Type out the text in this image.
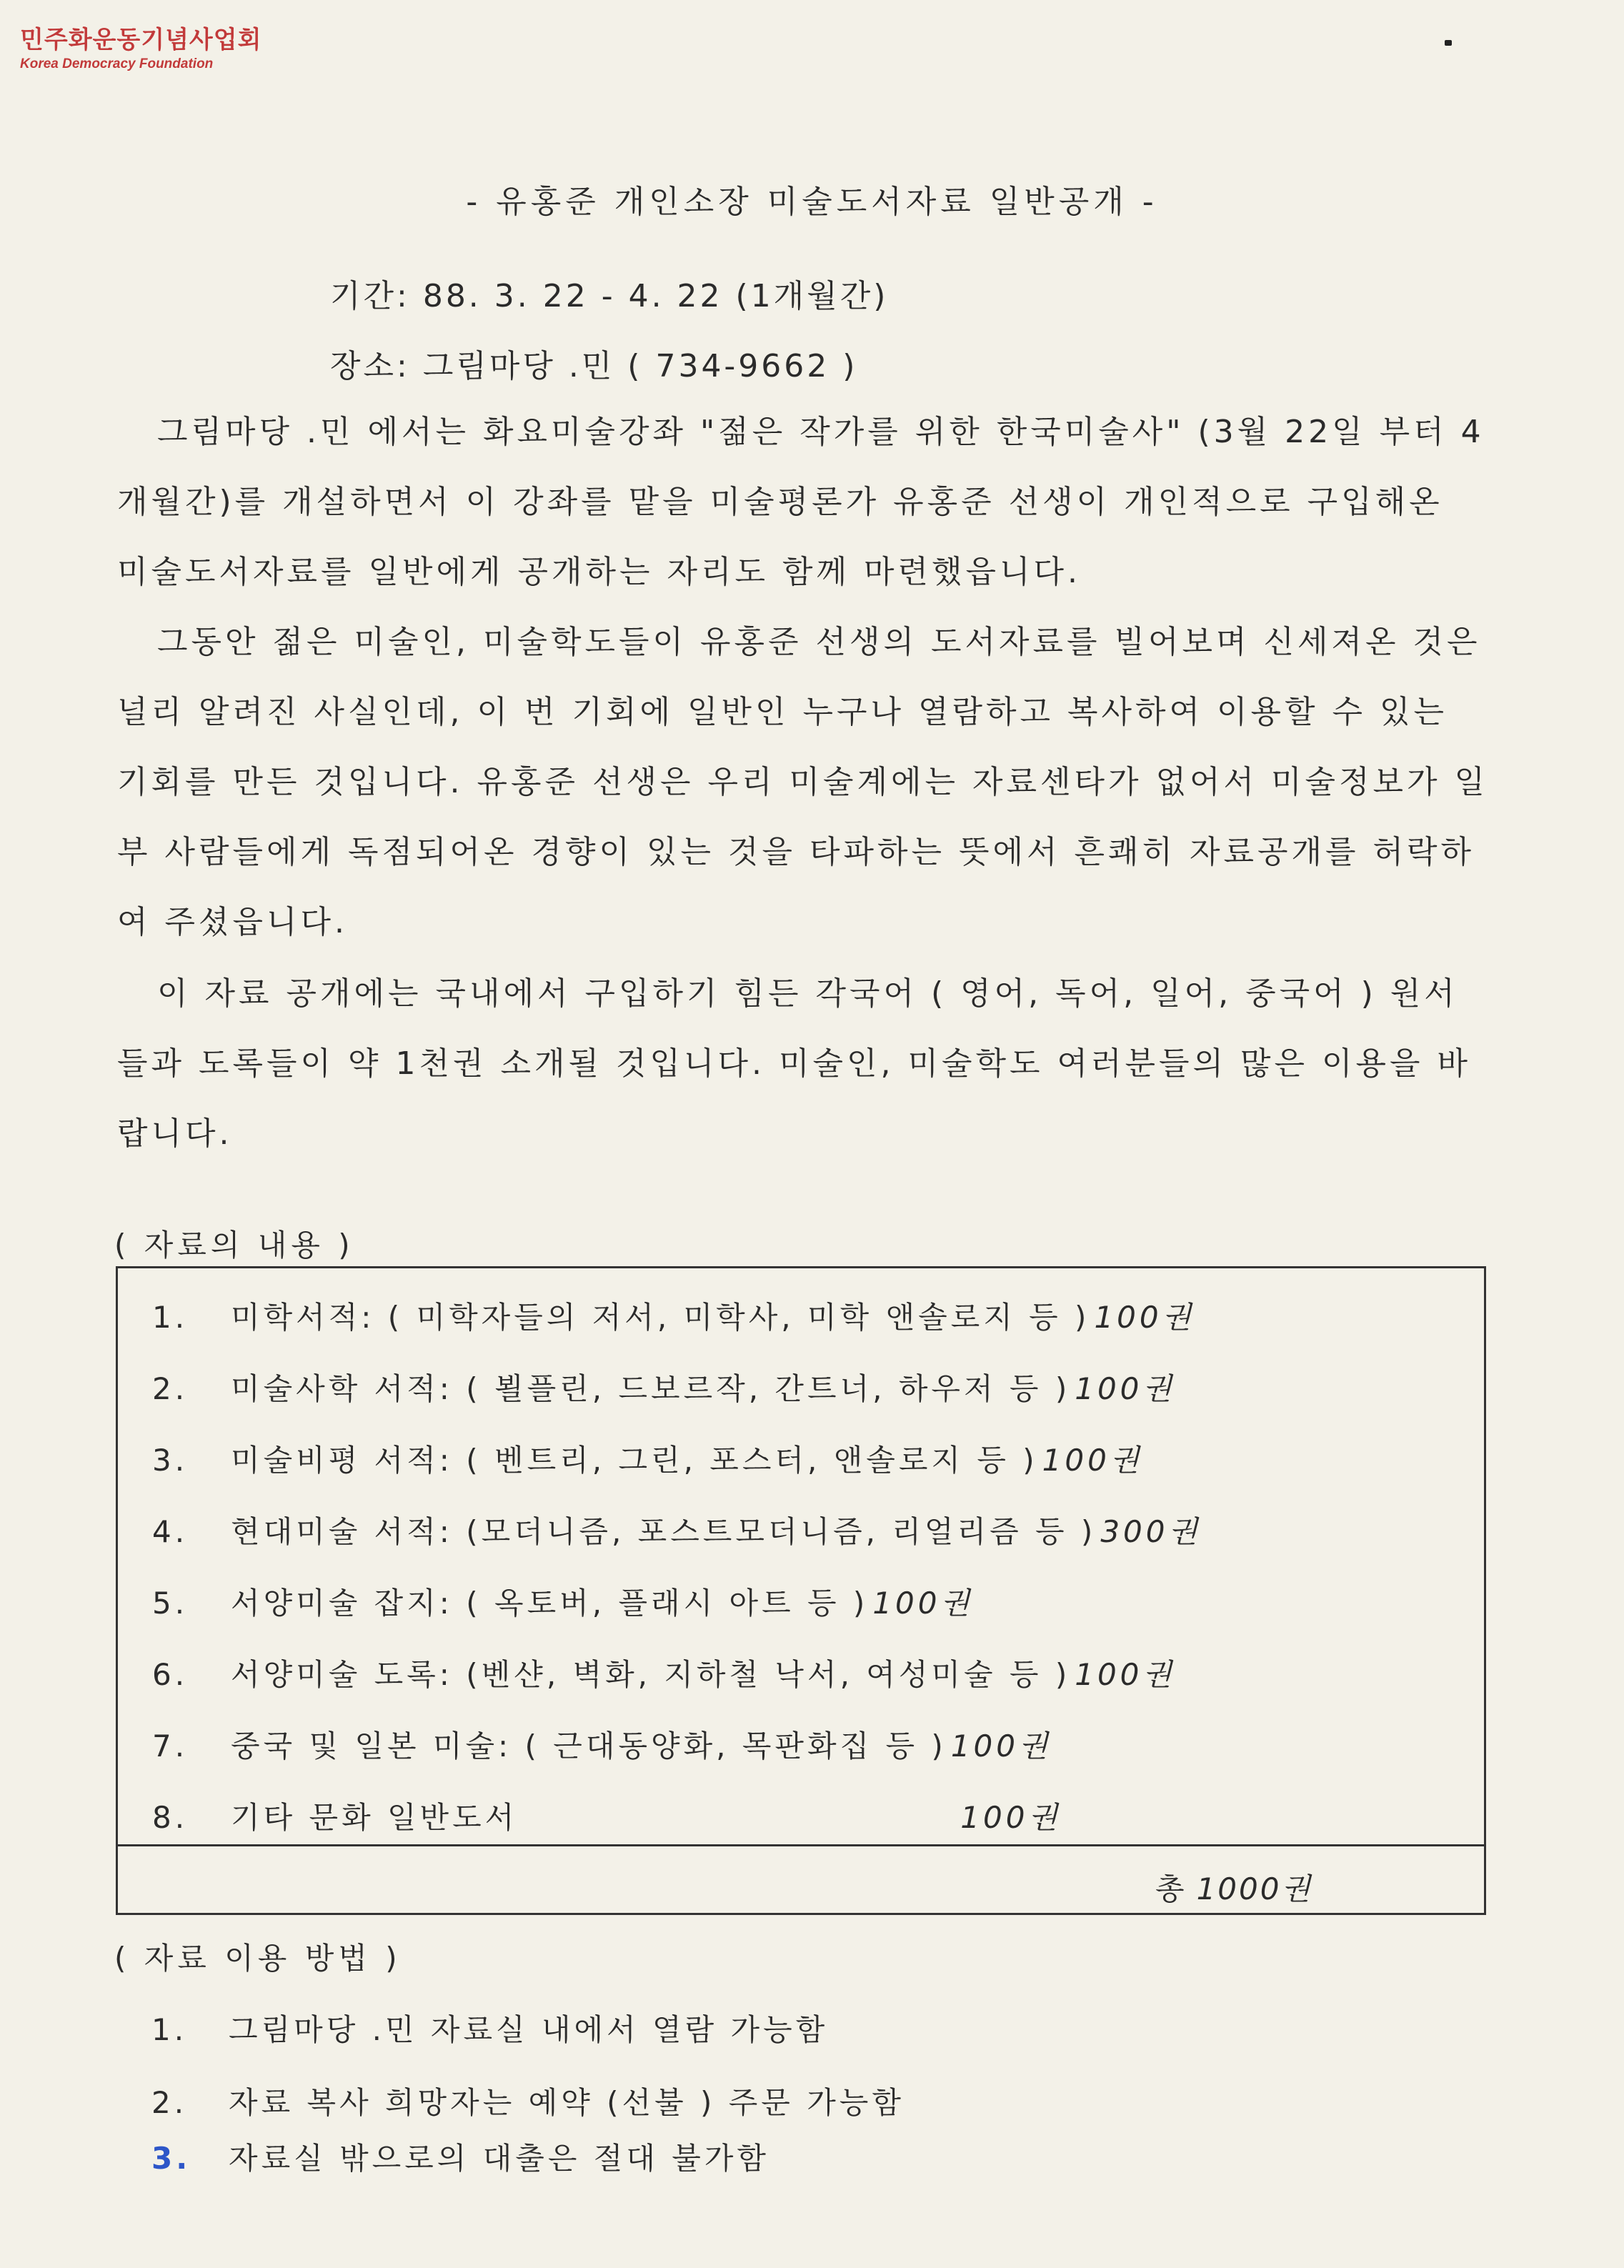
민주화운동기념사업회
Korea Democracy Foundation
- 유홍준 개인소장 미술도서자료 일반공개 -
기간: 88. 3. 22 - 4. 22 (1개월간)
장소: 그림마당 .민 ( 734-9662 )

그림마당 .민 에서는 화요미술강좌 "젊은 작가를 위한 한국미술사" (3월 22일 부터 4개월간)를 개설하면서 이 강좌를 맡을 미술평론가 유홍준 선생이 개인적으로 구입해온 미술도서자료를 일반에게 공개하는 자리도 함께 마련했읍니다.

그동안 젊은 미술인, 미술학도들이 유홍준 선생의 도서자료를 빌어보며 신세져온 것은 널리 알려진 사실인데, 이 번 기회에 일반인 누구나 열람하고 복사하여 이용할 수 있는 기회를 만든 것입니다. 유홍준 선생은 우리 미술계에는 자료센타가 없어서 미술정보가 일부 사람들에게 독점되어온 경향이 있는 것을 타파하는 뜻에서 흔쾌히 자료공개를 허락하여 주셨읍니다.

이 자료 공개에는 국내에서 구입하기 힘든 각국어 ( 영어, 독어, 일어, 중국어 ) 원서들과 도록들이 약 1천권 소개될 것입니다. 미술인, 미술학도 여러분들의 많은 이용을 바랍니다.

( 자료의 내용 )
1. 미학서적: ( 미학자들의 저서, 미학사, 미학 앤솔로지 등 ) 100권
2. 미술사학 서적: ( 뵐플린, 드보르작, 간트너, 하우저 등 ) 100권
3. 미술비평 서적: ( 벤트리, 그린, 포스터, 앤솔로지 등 ) 100권
4. 현대미술 서적: (모더니즘, 포스트모더니즘, 리얼리즘 등 ) 300권
5. 서양미술 잡지: ( 옥토버, 플래시 아트 등 ) 100권
6. 서양미술 도록: (벤샨, 벽화, 지하철 낙서, 여성미술 등 ) 100권
7. 중국 및 일본 미술: ( 근대동양화, 목판화집 등 ) 100권
8. 기타 문화 일반도서	100권
총 1000권
( 자료 이용 방법 )
1. 그림마당 .민 자료실 내에서 열람 가능함
2. 자료 복사 희망자는 예약 (선불 ) 주문 가능함
3. 자료실 밖으로의 대출은 절대 불가함
